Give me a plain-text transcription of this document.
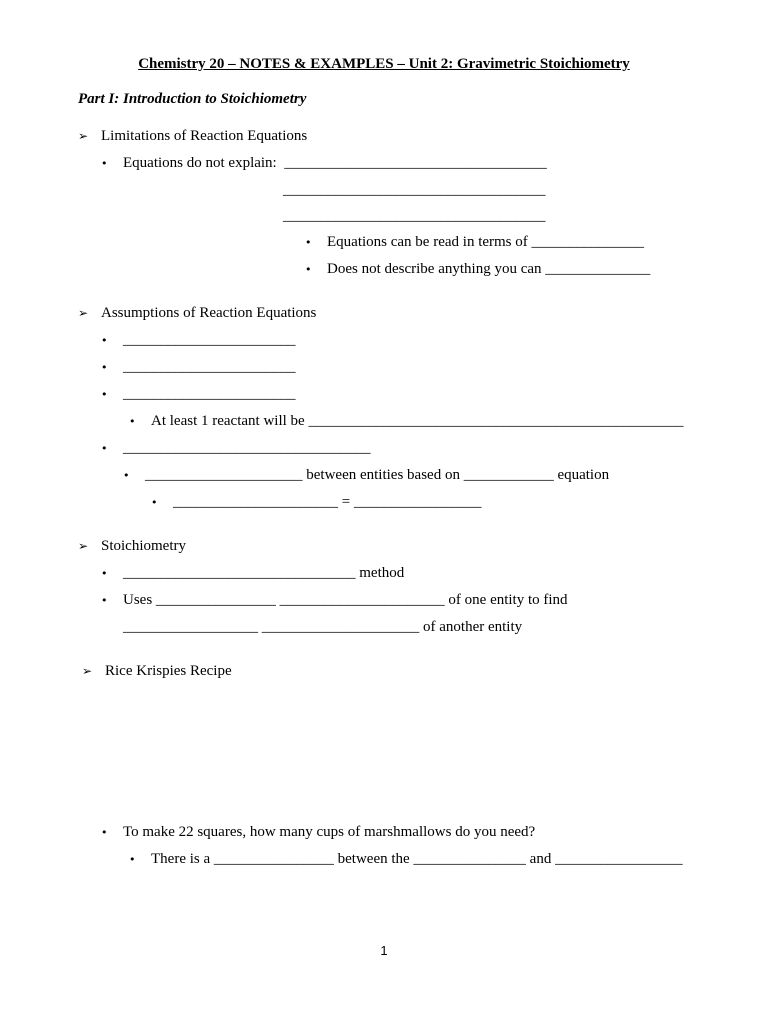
Chemistry 20 – NOTES & EXAMPLES – Unit 2: Gravimetric Stoichiometry
Part I: Introduction to Stoichiometry
➢ Limitations of Reaction Equations
• Equations do not explain:  ___________________________________
___________________________________
___________________________________
• Equations can be read in terms of _______________
• Does not describe anything you can ______________
➢ Assumptions of Reaction Equations
• _______________________
• _______________________
• _______________________
• At least 1 reactant will be __________________________________________________
• _________________________________
• _____________________ between entities based on ____________ equation
• ______________________ = _________________
➢ Stoichiometry
• _______________________________ method
• Uses ________________ ______________________ of one entity to find
__________________ _____________________ of another entity
➢ Rice Krispies Recipe
• To make 22 squares, how many cups of marshmallows do you need?
• There is a ________________ between the _______________ and _________________
1
